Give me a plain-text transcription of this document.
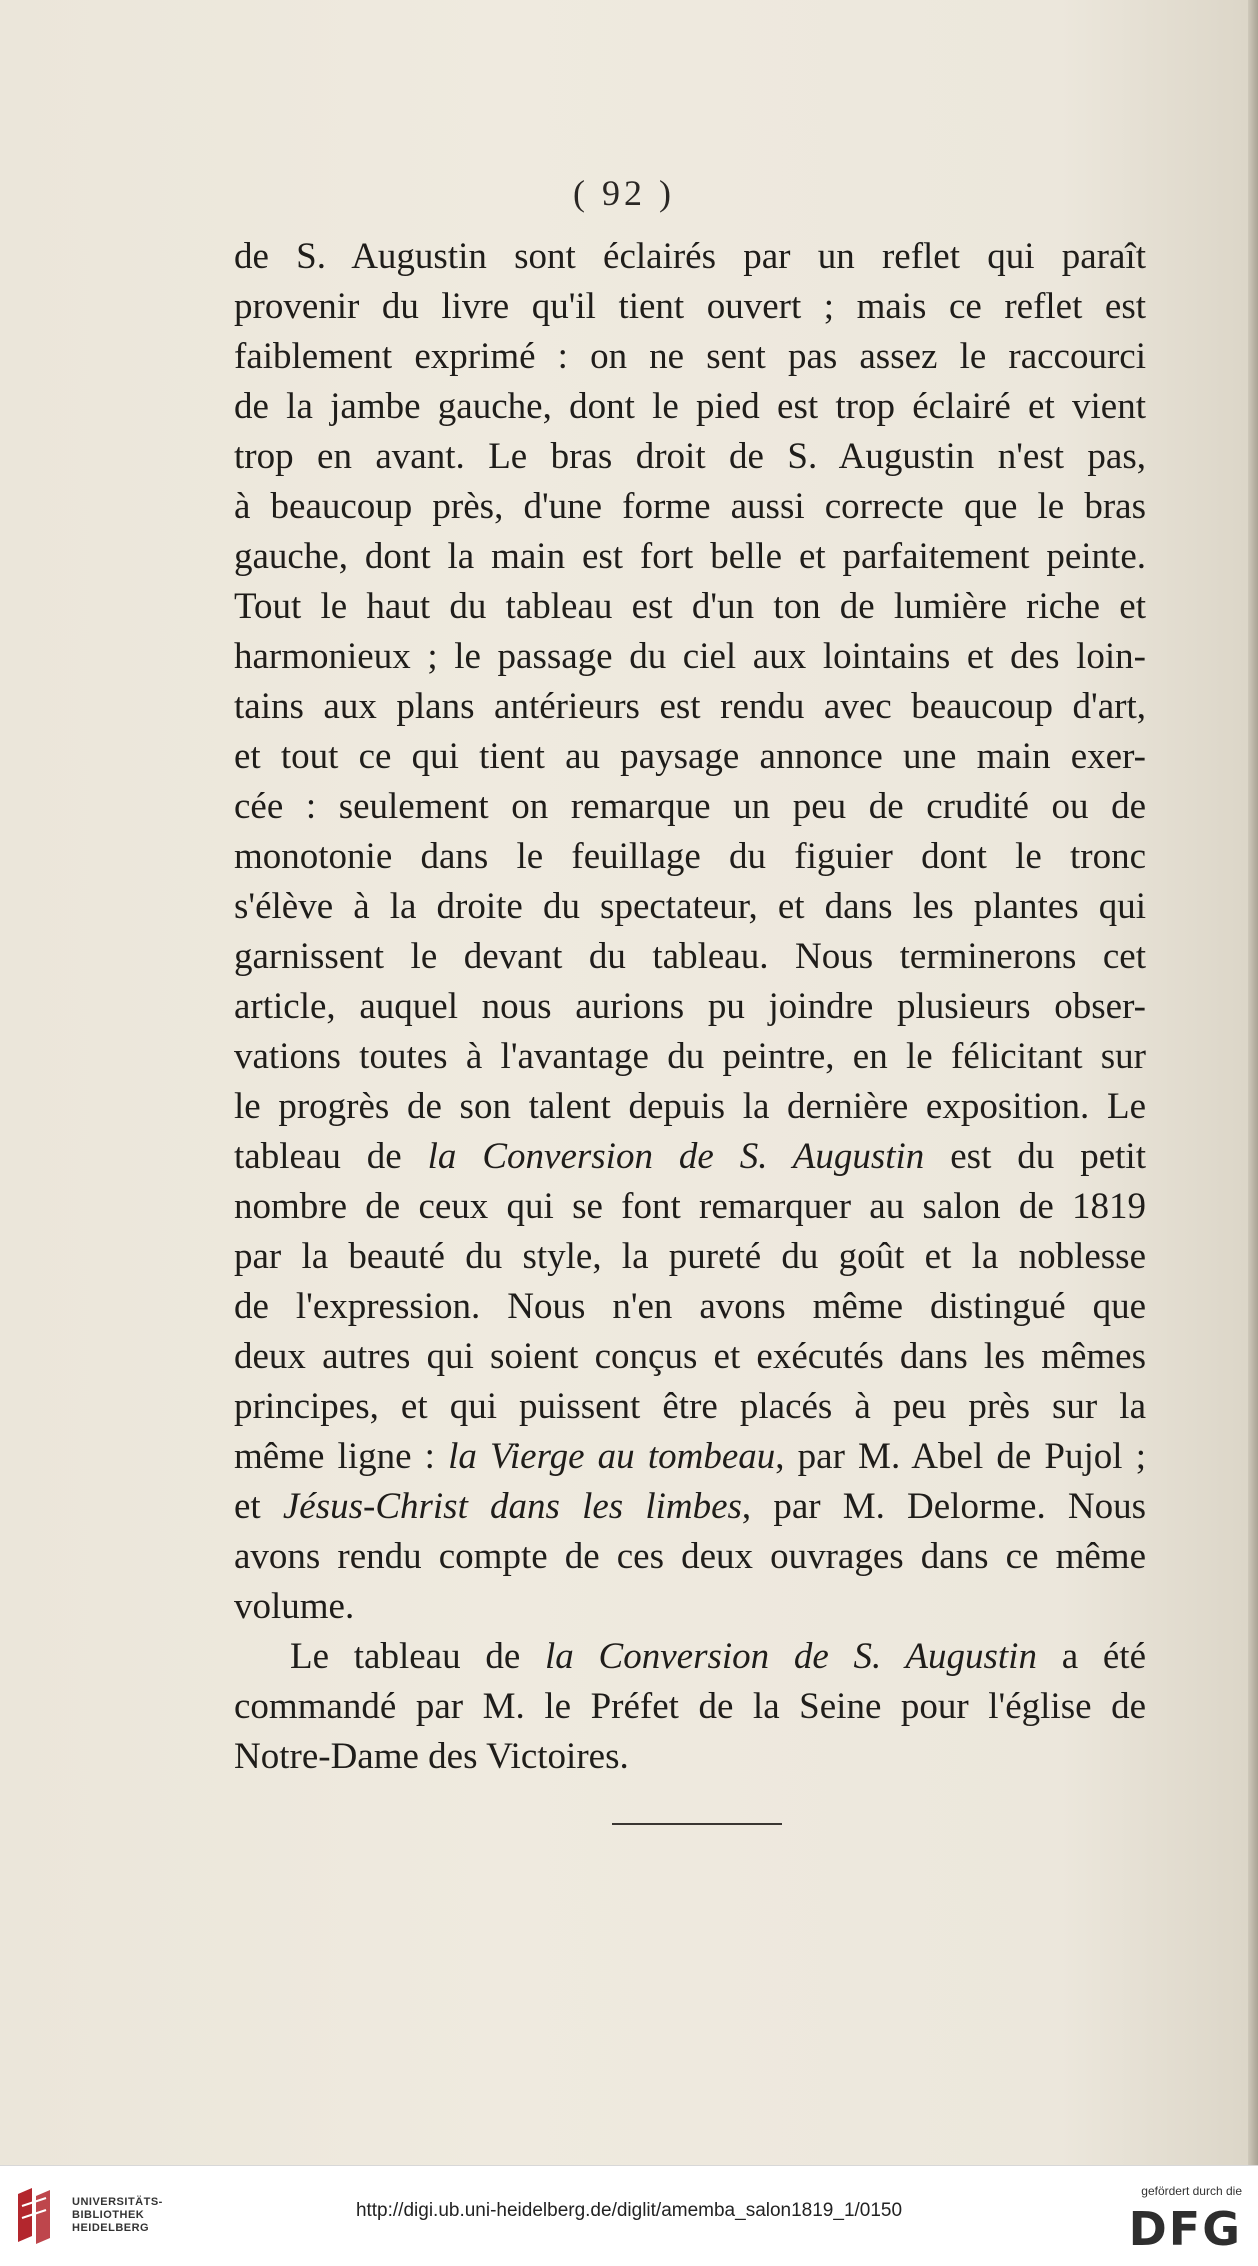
( 92 )
de S. Augustin sont éclairés par un reflet qui paraît
provenir du livre qu'il tient ouvert ; mais ce reflet est
faiblement exprimé : on ne sent pas assez le raccourci
de la jambe gauche, dont le pied est trop éclairé et vient
trop en avant. Le bras droit de S. Augustin n'est pas,
à beaucoup près, d'une forme aussi correcte que le bras
gauche, dont la main est fort belle et parfaitement peinte.
Tout le haut du tableau est d'un ton de lumière riche et
harmonieux ; le passage du ciel aux lointains et des loin-
tains aux plans antérieurs est rendu avec beaucoup d'art,
et tout ce qui tient au paysage annonce une main exer-
cée : seulement on remarque un peu de crudité ou de
monotonie dans le feuillage du figuier dont le tronc
s'élève à la droite du spectateur, et dans les plantes qui
garnissent le devant du tableau. Nous terminerons cet
article, auquel nous aurions pu joindre plusieurs obser-
vations toutes à l'avantage du peintre, en le félicitant sur
le progrès de son talent depuis la dernière exposition. Le
tableau de la Conversion de S. Augustin est du petit
nombre de ceux qui se font remarquer au salon de 1819
par la beauté du style, la pureté du goût et la noblesse
de l'expression. Nous n'en avons même distingué que
deux autres qui soient conçus et exécutés dans les mêmes
principes, et qui puissent être placés à peu près sur la
même ligne : la Vierge au tombeau, par M. Abel de Pujol ;
et Jésus-Christ dans les limbes, par M. Delorme. Nous
avons rendu compte de ces deux ouvrages dans ce même
volume.
Le tableau de la Conversion de S. Augustin a été
commandé par M. le Préfet de la Seine pour l'église de
Notre-Dame des Victoires.
UNIVERSITÄTS-
BIBLIOTHEK
HEIDELBERG
http://digi.ub.uni-heidelberg.de/diglit/amemba_salon1819_1/0150
gefördert durch die
DFG
